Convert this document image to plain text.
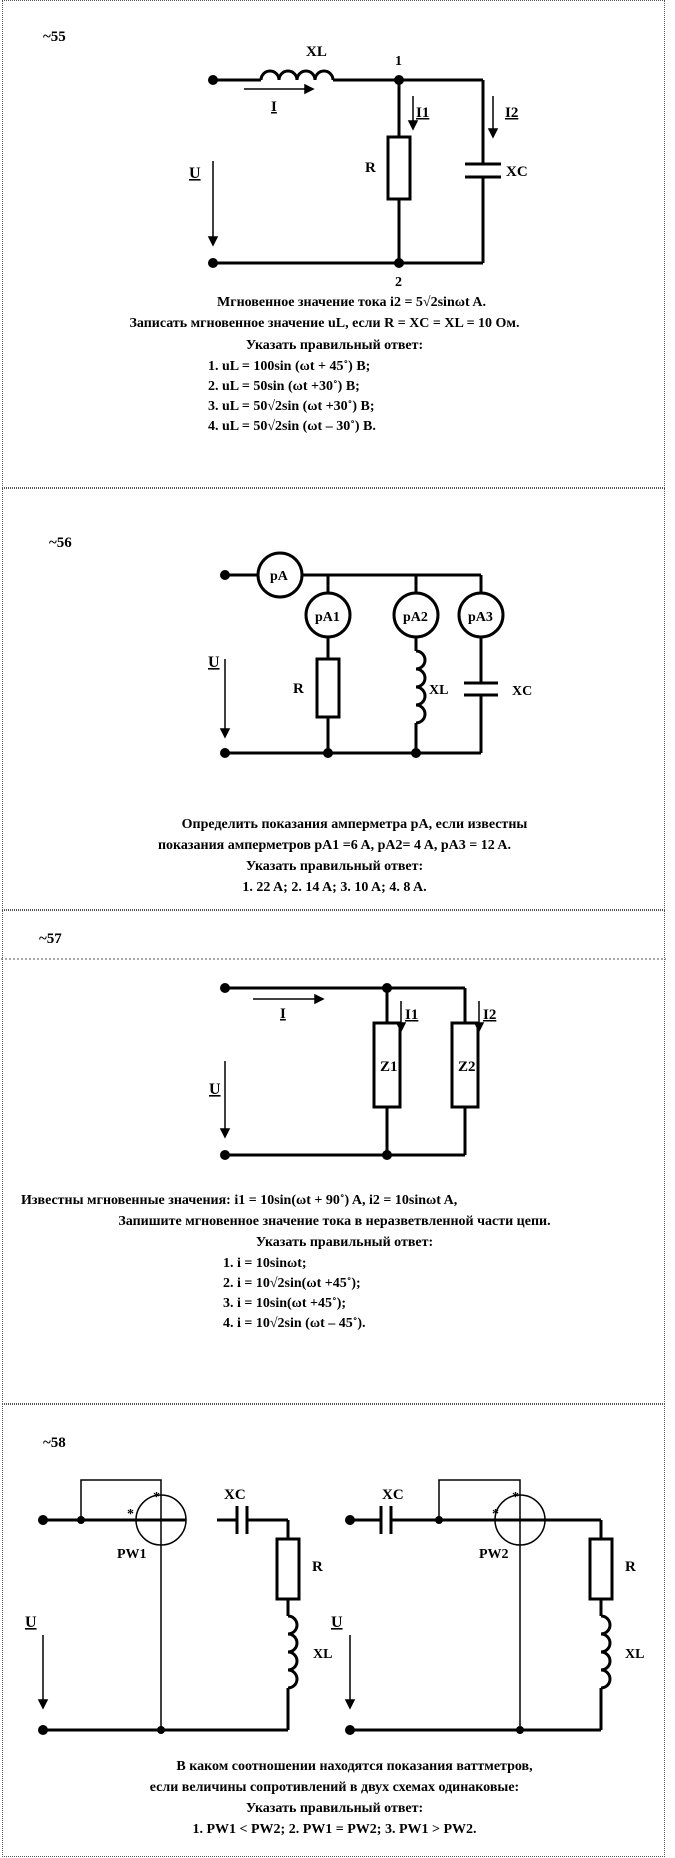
~55
XL
1
I	I1	I2
U	R	XC
2
Мгновенное значение тока i2 = 5√2sinωt A.
Записать мгновенное значение uL, если R = XC = XL = 10 Ом.
Указать правильный ответ:
1. uL = 100sin (ωt + 45˚) В;
2. uL = 50sin (ωt +30˚) В;
3. uL = 50√2sin (ωt +30˚) В;
4. uL = 50√2sin (ωt – 30˚) В.
~56
pA
pA1	pA2	pA3
U
R	XL	XC
Определить показания амперметра pA, если известны
показания амперметров pA1 =6 A, pA2= 4 A, pA3 = 12 A.
Указать правильный ответ:
1. 22 A; 2. 14 A; 3. 10 A; 4. 8 A.
~57
I	I1	I2
U
Z1	Z2
Известны мгновенные значения: i1 = 10sin(ωt + 90˚) A, i2 = 10sinωt A,
Запишите мгновенное значение тока в неразветвленной части цепи.
Указать правильный ответ:
1. i = 10sinωt;
2. i = 10√2sin(ωt +45˚);
3. i = 10sin(ωt +45˚);
4. i = 10√2sin (ωt – 45˚).
~58
*
*
*
*
XC	XC
PW1	PW2
R	R
XL	XL
U	U
В каком соотношении находятся показания ваттметров,
если величины сопротивлений в двух схемах одинаковые:
Указать правильный ответ:
1. PW1 < PW2; 2. PW1 = PW2; 3. PW1 > PW2.
